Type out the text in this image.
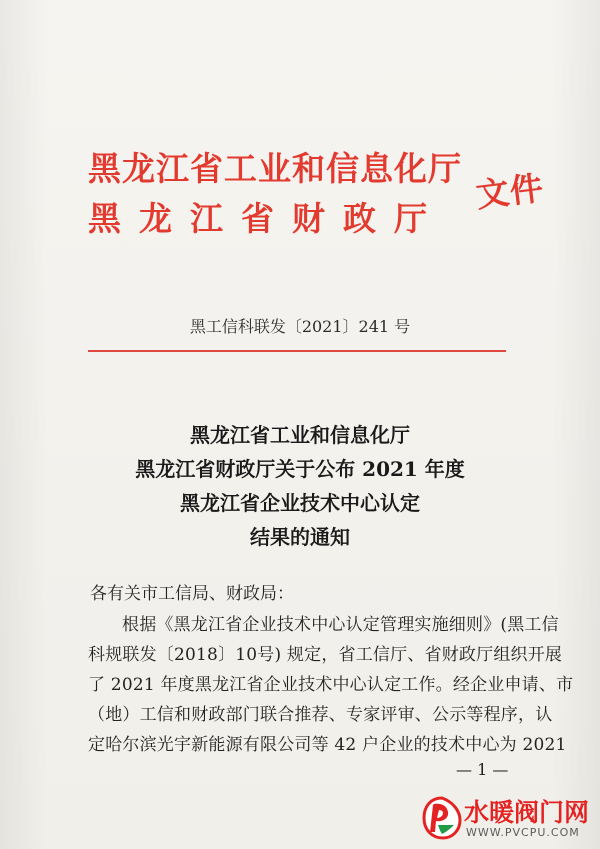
黑龙江省工业和信息化厅
黑龙江省财政厅
文件
黑工信科联发〔2021〕241 号
黑龙江省工业和信息化厅
黑龙江省财政厅关于公布 2021 年度
黑龙江省企业技术中心认定
结果的通知
各有关市工信局、财政局：
根据《黑龙江省企业技术中心认定管理实施细则》(黑工信
科规联发〔2018〕10号) 规定，省工信厅、省财政厅组织开展
了 2021 年度黑龙江省企业技术中心认定工作。经企业申请、市
（地）工信和财政部门联合推荐、专家评审、公示等程序，认
定哈尔滨光宇新能源有限公司等 42 户企业的技术中心为 2021
— 1 —
水暖阀门网
WWW.PVCPU.COM
